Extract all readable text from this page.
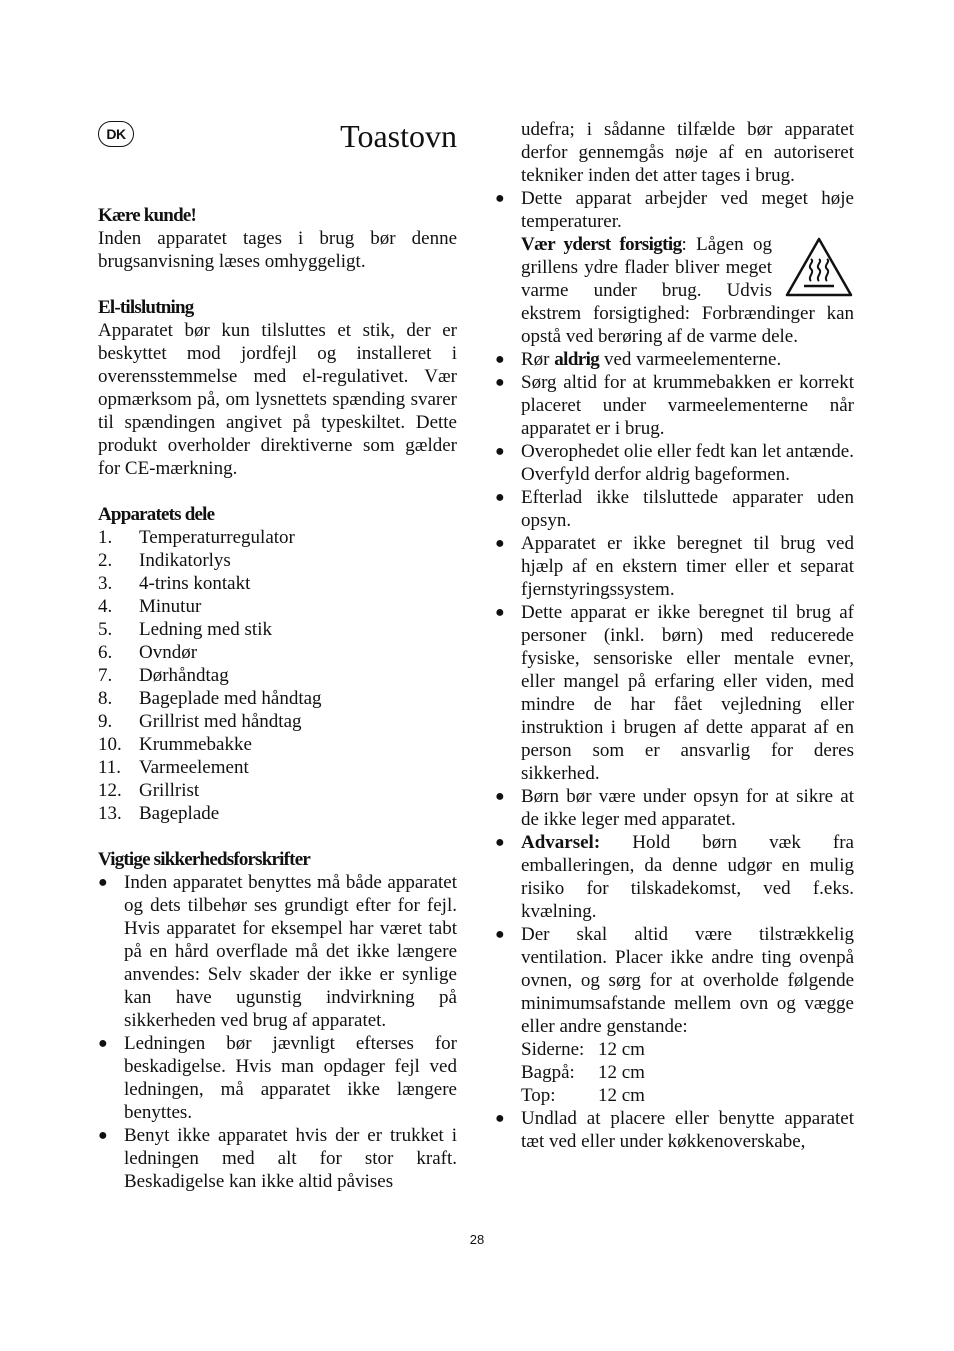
DK	Toastovn

Kære kunde!

Inden apparatet tages i brug bør denne brugsanvisning læses omhyggeligt.

El-tilslutning

Apparatet bør kun tilsluttes et stik, der er beskyttet mod jordfejl og installeret i overensstemmelse med el-regulativet. Vær opmærksom på, om lysnettets spænding svarer til spændingen angivet på typeskiltet. Dette produkt overholder direktiverne som gælder for CE-mærkning.

Apparatets dele

1.	Temperaturregulator
2.	Indikatorlys
3.	4-trins kontakt
4.	Minutur
5.	Ledning med stik
6.	Ovndør
7.	Dørhåndtag
8.	Bageplade med håndtag
9.	Grillrist med håndtag
10. Krummebakke
11. Varmeelement
12. Grillrist
13. Bageplade

Vigtige sikkerhedsforskrifter

● Inden apparatet benyttes må både apparatet og dets tilbehør ses grundigt efter for fejl. Hvis apparatet for eksempel har været tabt på en hård overflade må det ikke længere anvendes: Selv skader der ikke er synlige kan have ugunstig indvirkning på sikkerheden ved brug af apparatet.

● Ledningen bør jævnligt efterses for beskadigelse. Hvis man opdager fejl ved ledningen, må apparatet ikke længere benyttes.

● Benyt ikke apparatet hvis der er trukket i ledningen med alt for stor kraft. Beskadigelse kan ikke altid påvises

udefra; i sådanne tilfælde bør apparatet derfor gennemgås nøje af en autoriseret tekniker inden det atter tages i brug.

● Dette apparat arbejder ved meget høje temperaturer.

Vær yderst forsigtig: Lågen og grillens ydre flader bliver meget varme under brug. Udvis ekstrem forsigtighed: Forbrændinger kan opstå ved berøring af de varme dele.

● Rør aldrig ved varmeelementerne.

● Sørg altid for at krummebakken er korrekt placeret under varmeelementerne når apparatet er i brug.

● Overophedet olie eller fedt kan let antænde. Overfyld derfor aldrig bageformen.

● Efterlad ikke tilsluttede apparater uden opsyn.

● Apparatet er ikke beregnet til brug ved hjælp af en ekstern timer eller et separat fjernstyringssystem.

● Dette apparat er ikke beregnet til brug af personer (inkl. børn) med reducerede fysiske, sensoriske eller mentale evner, eller mangel på erfaring eller viden, med mindre de har fået vejledning eller instruktion i brugen af dette apparat af en person som er ansvarlig for deres sikkerhed.

● Børn bør være under opsyn for at sikre at de ikke leger med apparatet.

● Advarsel: Hold børn væk fra emballeringen, da denne udgør en mulig risiko for tilskadekomst, ved f.eks. kvælning.

● Der skal altid være tilstrækkelig ventilation. Placer ikke andre ting ovenpå ovnen, og sørg for at overholde følgende minimumsafstande mellem ovn og vægge eller andre genstande:

Siderne: 12 cm
Bagpå:	12 cm
Top:	12 cm
● Undlad at placere eller benytte apparatet tæt ved eller under køkkenoverskabe,

28
